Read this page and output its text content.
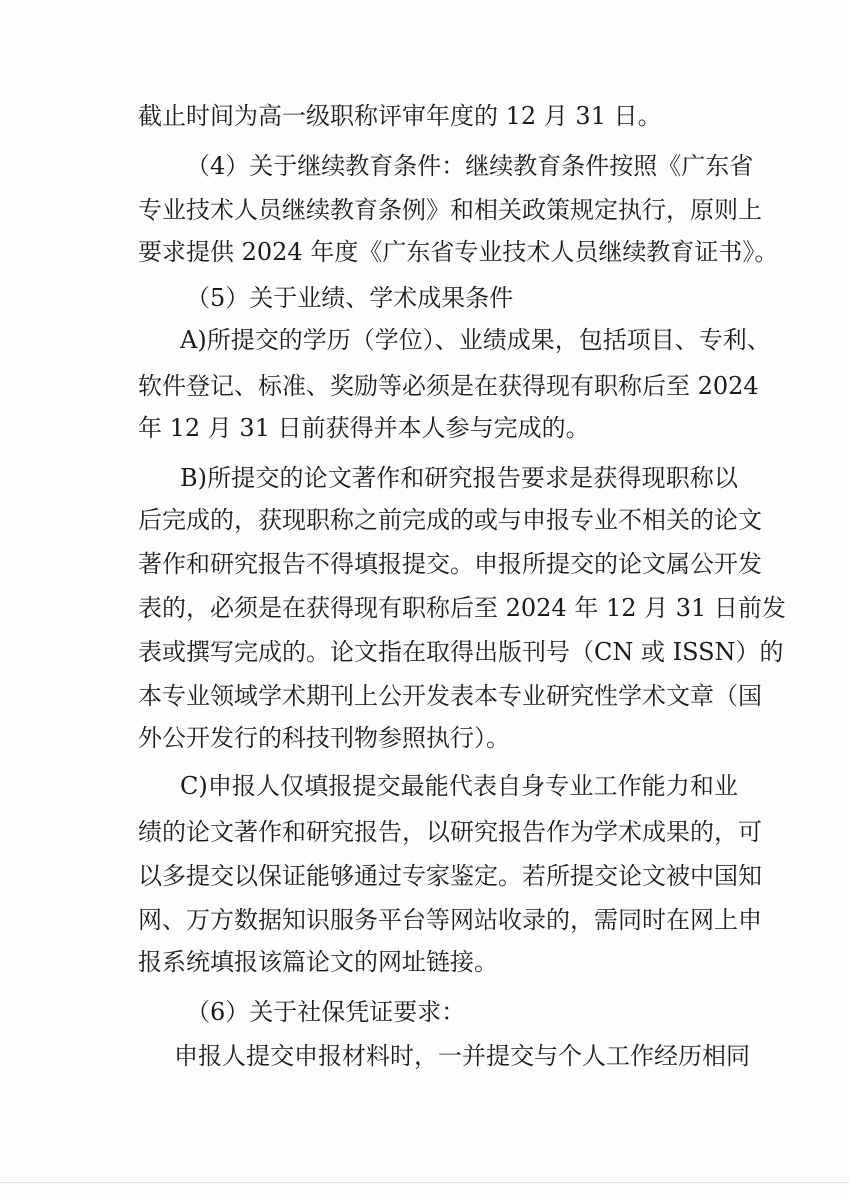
截止时间为高一级职称评审年度的 12 月 31 日。
（4）关于继续教育条件：继续教育条件按照《广东省
专业技术人员继续教育条例》和相关政策规定执行，原则上
要求提供 2024 年度《广东省专业技术人员继续教育证书》。
（5）关于业绩、学术成果条件
A)所提交的学历（学位）、业绩成果，包括项目、专利、
软件登记、标准、奖励等必须是在获得现有职称后至 2024
年 12 月 31 日前获得并本人参与完成的。
B)所提交的论文著作和研究报告要求是获得现职称以
后完成的，获现职称之前完成的或与申报专业不相关的论文
著作和研究报告不得填报提交。申报所提交的论文属公开发
表的，必须是在获得现有职称后至 2024 年 12 月 31 日前发
表或撰写完成的。论文指在取得出版刊号（CN 或 ISSN）的
本专业领域学术期刊上公开发表本专业研究性学术文章（国
外公开发行的科技刊物参照执行）。
C)申报人仅填报提交最能代表自身专业工作能力和业
绩的论文著作和研究报告，以研究报告作为学术成果的，可
以多提交以保证能够通过专家鉴定。若所提交论文被中国知
网、万方数据知识服务平台等网站收录的，需同时在网上申
报系统填报该篇论文的网址链接。
（6）关于社保凭证要求：
申报人提交申报材料时，一并提交与个人工作经历相同
